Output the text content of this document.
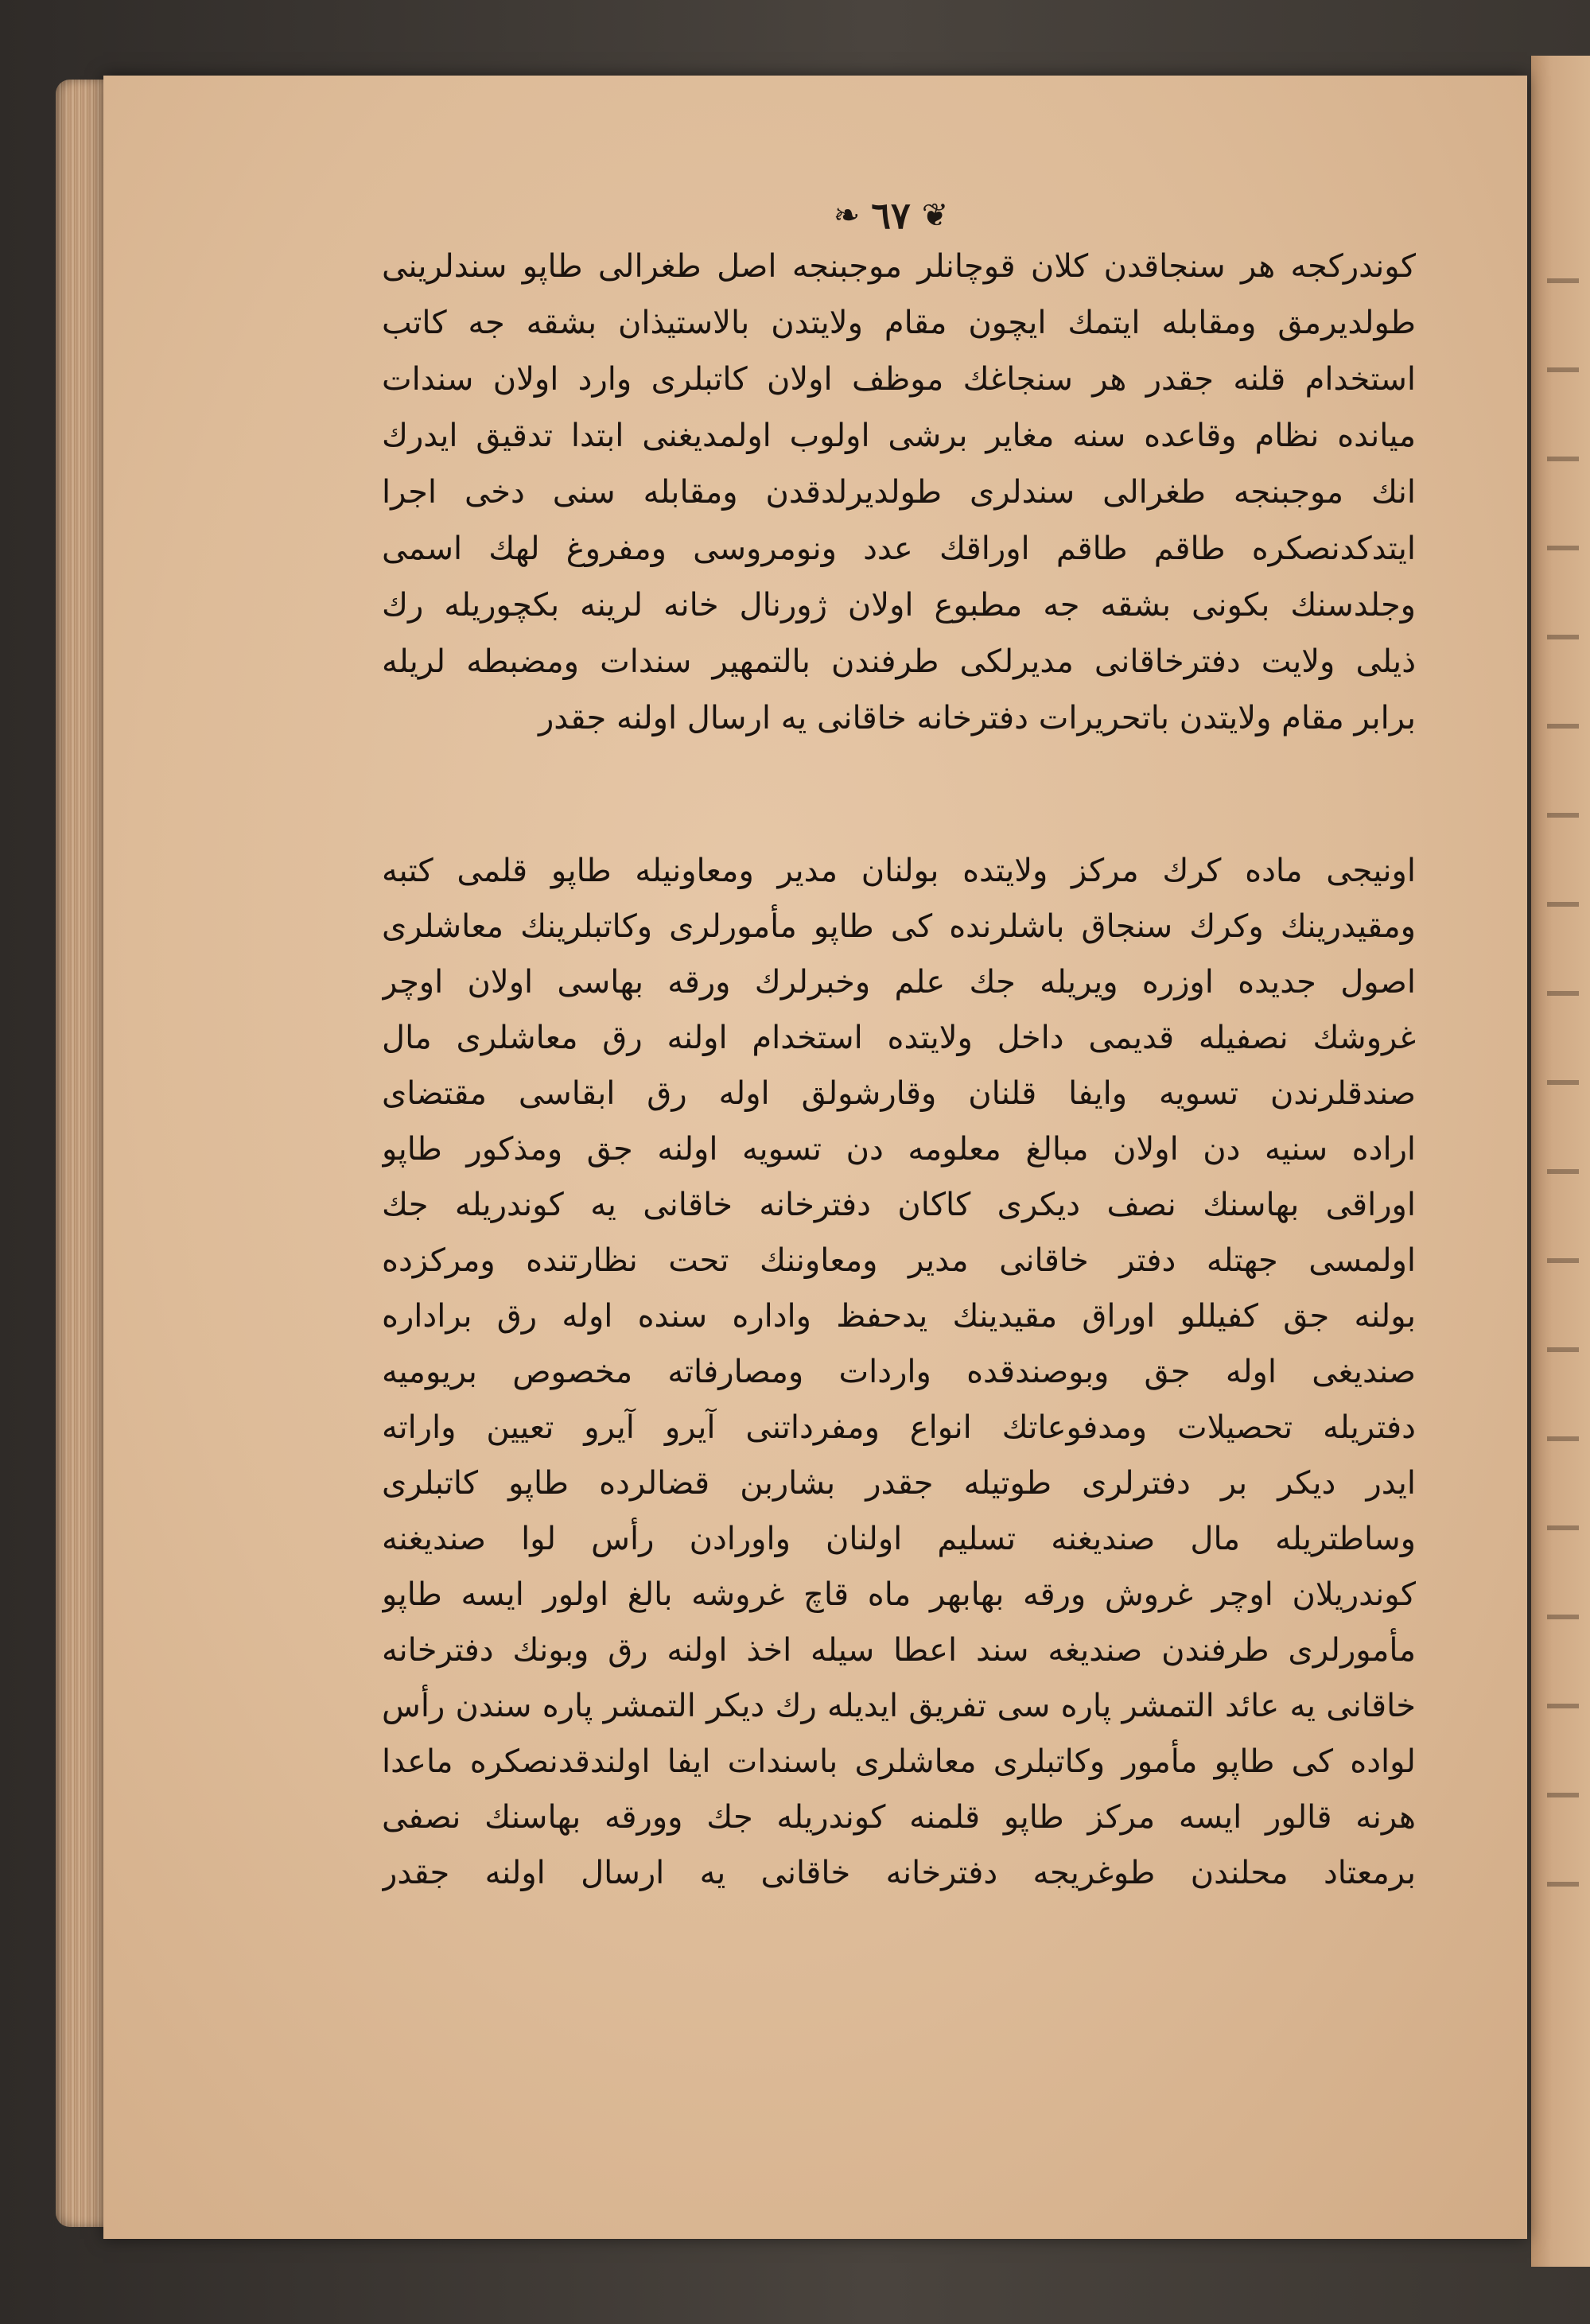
❧ ٦٧ ❦
كوندركجه هر سنجاقدن كلان قوچانلر موجبنجه اصل طغرالى طاپو سندلرينى
طولديرمق ومقابله ايتمك ايچون مقام ولايتدن بالاستيذان بشقه جه كاتب
استخدام قلنه جقدر هر سنجاغك موظف اولان كاتبلرى وارد اولان سندات
ميانده نظام وقاعده سنه مغاير برشى اولوب اولمديغنى ابتدا تدقيق ايدرك
انك موجبنجه طغرالى سندلرى طولديرلدقدن ومقابله سنى دخى اجرا
ايتدكدنصكره طاقم طاقم اوراقك عدد ونومروسى ومفروغ لهك اسمى
وجلدسنك بكونى بشقه جه مطبوع اولان ژورنال خانه لرينه بكچوريله رك
ذيلى ولايت دفترخاقانى مديرلكى طرفندن بالتمهير سندات ومضبطه لريله
برابر مقام ولايتدن باتحريرات دفترخانه خاقانى يه ارسال اولنه جقدر
اونيجى ماده كرك مركز ولايتده بولنان مدير ومعاونيله طاپو قلمى كتبه
ومقيدرينك وكرك سنجاق باشلرنده كى طاپو مأمورلرى وكاتبلرينك معاشلرى
اصول جديده اوزره ويريله جك علم وخبرلرك ورقه بهاسى اولان اوچر
غروشك نصفيله قديمى داخل ولايتده استخدام اولنه رق معاشلرى مال
صندقلرندن تسويه وايفا قلنان وقارشولق اوله رق ابقاسى مقتضاى
اراده سنيه دن اولان مبالغ معلومه دن تسويه اولنه جق ومذكور طاپو
اوراقى بهاسنك نصف ديكرى كاكان دفترخانه خاقانى يه كوندريله جك
اولمسى جهتله دفتر خاقانى مدير ومعاوننك تحت نظارتنده ومركزده
بولنه جق كفيللو اوراق مقيدينك يدحفظ واداره سنده اوله رق براداره
صنديغى اوله جق وبوصندقده واردات ومصارفاته مخصوص بريوميه
دفتريله تحصيلات ومدفوعاتك انواع ومفرداتنى آيرو آيرو تعيين واراته
ايدر ديكر بر دفترلرى طوتيله جقدر بشاربن قضالرده طاپو كاتبلرى
وساطتريله مال صنديغنه تسليم اولنان واورادن رأس لوا صنديغنه
كوندريلان اوچر غروش ورقه بهابهر ماه قاچ غروشه بالغ اولور ايسه طاپو
مأمورلرى طرفندن صنديغه سند اعطا سيله اخذ اولنه رق وبونك دفترخانه
خاقانى يه عائد التمشر پاره سى تفريق ايديله رك ديكر التمشر پاره سندن رأس
لواده كى طاپو مأمور وكاتبلرى معاشلرى باسندات ايفا اولندقدنصكره ماعدا
هرنه قالور ايسه مركز طاپو قلمنه كوندريله جك وورقه بهاسنك نصفى
برمعتاد محلندن طوغريجه دفترخانه خاقانى يه ارسال اولنه جقدر
